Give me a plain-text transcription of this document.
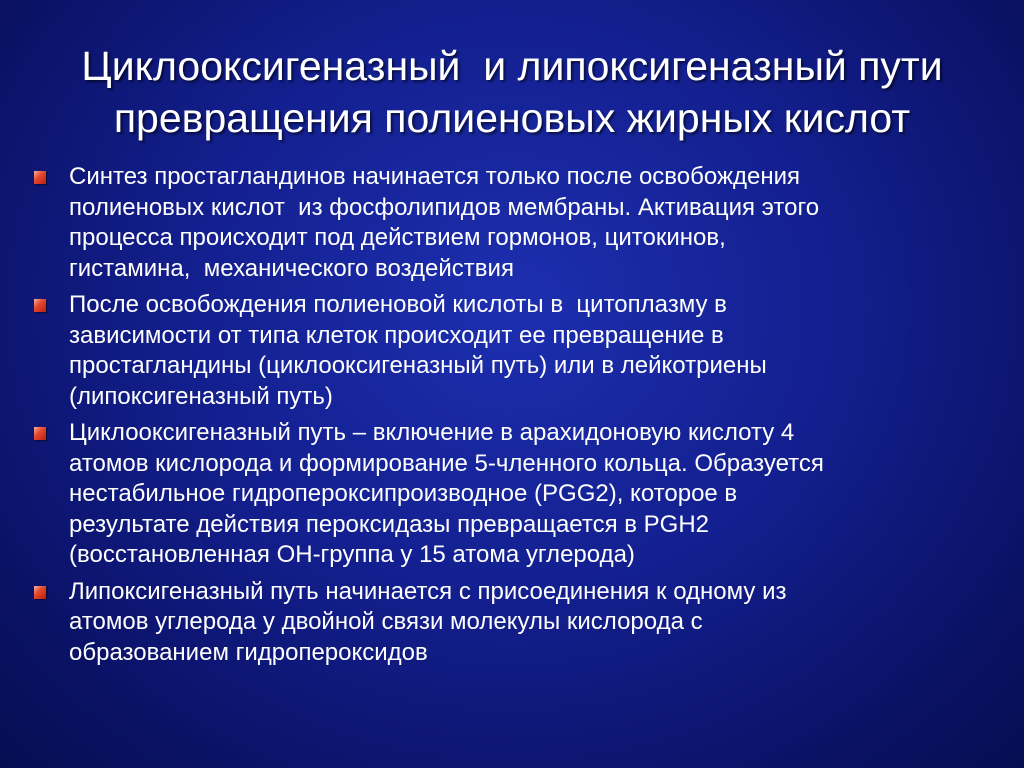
Циклооксигеназный  и липоксигеназный пути
превращения полиеновых жирных кислот
Синтез простагландинов начинается только после освобождения
полиеновых кислот  из фосфолипидов мембраны. Активация этого
процесса происходит под действием гормонов, цитокинов,
гистамина,  механического воздействия
После освобождения полиеновой кислоты в  цитоплазму в
зависимости от типа клеток происходит ее превращение в
простагландины (циклооксигеназный путь) или в лейкотриены
(липоксигеназный путь)
Циклооксигеназный путь – включение в арахидоновую кислоту 4
атомов кислорода и формирование 5-членного кольца. Образуется
нестабильное гидропероксипроизводное (PGG2), которое в
результате действия пероксидазы превращается в PGH2
(восстановленная ОН-группа у 15 атома углерода)
Липоксигеназный путь начинается с присоединения к одному из
атомов углерода у двойной связи молекулы кислорода с
образованием гидропероксидов
